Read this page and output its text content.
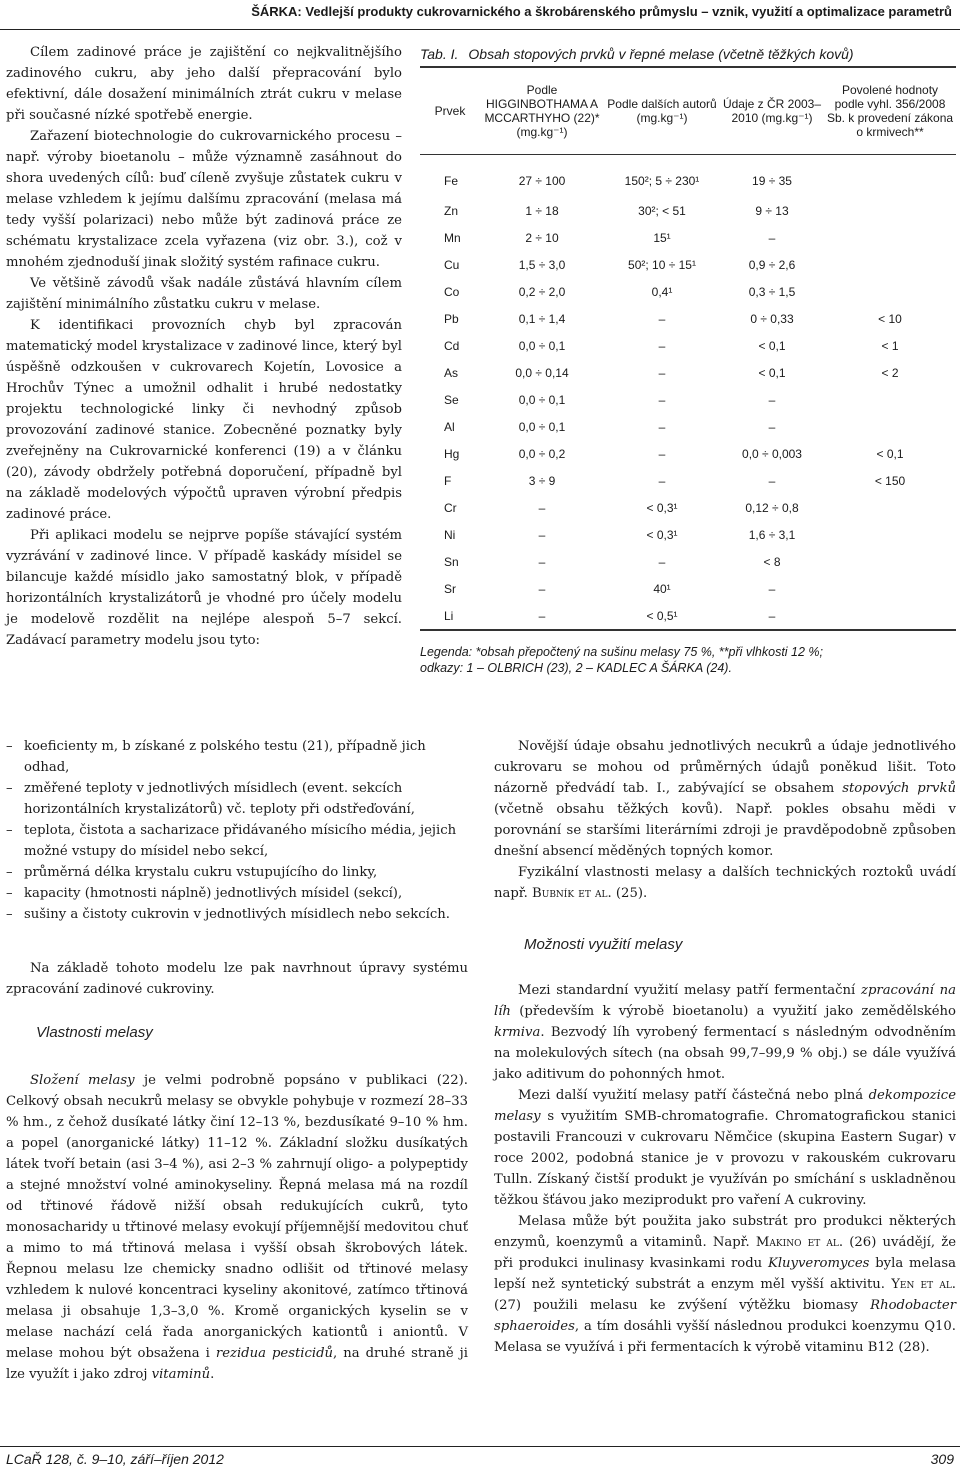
ŠÁRKA: Vedlejší produkty cukrovarnického a škrobárenského průmyslu – vznik, využití a optimalizace parametrů

Cílem zadinové práce je zajištění co nejkvalitnějšího zadinového cukru, aby jeho další přepracování bylo efektivní, dále dosažení minimálních ztrát cukru v melase při současné nízké spotřebě energie.

Zařazení biotechnologie do cukrovarnického procesu – např. výroby bioetanolu – může významně zasáhnout do shora uvedených cílů: buď cíleně zvyšuje zůstatek cukru v melase vzhledem k jejímu dalšímu zpracování (melasa má tedy vyšší polarizaci) nebo může být zadinová práce ze schématu krystalizace zcela vyřazena (viz obr. 3.), což v mnohém zjednoduší jinak složitý systém rafinace cukru.

Ve většině závodů však nadále zůstává hlavním cílem zajištění minimálního zůstatku cukru v melase.

K identifikaci provozních chyb byl zpracován matematický model krystalizace v zadinové lince, který byl úspěšně odzkoušen v cukrovarech Kojetín, Lovosice a Hrochův Týnec a umožnil odhalit i hrubé nedostatky projektu technologické linky či nevhodný způsob provozování zadinové stanice. Zobecněné poznatky byly zveřejněny na Cukrovarnické konferenci (19) a v článku (20), závody obdržely potřebná doporučení, případně byl na základě modelových výpočtů upraven výrobní předpis zadinové práce.

Při aplikaci modelu se nejprve popíše stávající systém vyzrávání v zadinové lince. V případě kaskády mísidel se bilancuje každé mísidlo jako samostatný blok, v případě horizontálních krystalizátorů je vhodné pro účely modelu je modelově rozdělit na nejlépe alespoň 5–7 sekcí. Zadávací parametry modelu jsou tyto:

– koeficienty m, b získané z polského testu (21), případně jich odhad,
– změřené teploty v jednotlivých mísidlech (event. sekcích horizontálních krystalizátorů) vč. teploty při odstřeďování,
– teplota, čistota a sacharizace přidávaného mísicího média, jejich možné vstupy do mísidel nebo sekcí,
– průměrná délka krystalu cukru vstupujícího do linky,
– kapacity (hmotnosti náplně) jednotlivých mísidel (sekcí),
– sušiny a čistoty cukrovin v jednotlivých mísidlech nebo sekcích.

Na základě tohoto modelu lze pak navrhnout úpravy systému zpracování zadinové cukroviny.

Vlastnosti melasy

Složení melasy je velmi podrobně popsáno v publikaci (22). Celkový obsah necukrů melasy se obvykle pohybuje v rozmezí 28–33 % hm., z čehož dusíkaté látky činí 12–13 %, bezdusíkaté 9–10 % hm. a popel (anorganické látky) 11–12 %. Základní složku dusíkatých látek tvoří betain (asi 3–4 %), asi 2–3 % zahrnují oligo- a polypeptidy a stejné množství volné aminokyseliny. Řepná melasa má na rozdíl od třtinové řádově nižší obsah redukujících cukrů, tyto monosacharidy u třtinové melasy evokují příjemnější medovitou chuť a mimo to má třtinová melasa i vyšší obsah škrobových látek. Řepnou melasu lze chemicky snadno odlišit od třtinové melasy vzhledem k nulové koncentraci kyseliny akonitové, zatímco třtinová melasa ji obsahuje 1,3–3,0 %. Kromě organických kyselin se v melase nachází celá řada anorganických kationtů i aniontů. V melase mohou být obsažena i rezidua pesticidů, na druhé straně ji lze využít i jako zdroj vitaminů.

Tab. I. Obsah stopových prvků v řepné melase (včetně těžkých kovů)
Prvek	Podle HIGGINBOTHAMA A MCCARTHYHO (22)* (mg.kg⁻¹)	Podle dalších autorů (mg.kg⁻¹)	Údaje z ČR 2003–2010 (mg.kg⁻¹)	Povolené hodnoty podle vyhl. 356/2008 Sb. k provedení zákona o krmivech**
Fe	27 ÷ 100	150²; 5 ÷ 230¹	19 ÷ 35	
Zn	1 ÷ 18	30²; < 51	9 ÷ 13	
Mn	2 ÷ 10	15¹	–	
Cu	1,5 ÷ 3,0	50²; 10 ÷ 15¹	0,9 ÷ 2,6	
Co	0,2 ÷ 2,0	0,4¹	0,3 ÷ 1,5	
Pb	0,1 ÷ 1,4	–	0 ÷ 0,33	< 10
Cd	0,0 ÷ 0,1	–	< 0,1	< 1
As	0,0 ÷ 0,14	–	< 0,1	< 2
Se	0,0 ÷ 0,1	–	–	
Al	0,0 ÷ 0,1	–	–	
Hg	0,0 ÷ 0,2	–	0,0 ÷ 0,003	< 0,1
F	3 ÷ 9	–	–	< 150
Cr	–	< 0,3¹	0,12 ÷ 0,8	
Ni	–	< 0,3¹	1,6 ÷ 3,1	
Sn	–	–	< 8	
Sr	–	40¹	–	
Li	–	< 0,5¹	–	
Legenda: *obsah přepočtený na sušinu melasy 75 %, **při vlhkosti 12 %;
odkazy: 1 – OLBRICH (23), 2 – KADLEC A ŠÁRKA (24).

Novější údaje obsahu jednotlivých necukrů a údaje jednotlivého cukrovaru se mohou od průměrných údajů poněkud lišit. Toto názorně předvádí tab. I., zabývající se obsahem stopových prvků (včetně obsahu těžkých kovů). Např. pokles obsahu mědi v porovnání se staršími literárními zdroji je pravděpodobně způsoben dnešní absencí měděných topných komor.

Fyzikální vlastnosti melasy a dalších technických roztoků uvádí např. Bubník et al. (25).

Možnosti využití melasy

Mezi standardní využití melasy patří fermentační zpracování na líh (především k výrobě bioetanolu) a využití jako zemědělského krmiva. Bezvodý líh vyrobený fermentací s následným odvodněním na molekulových sítech (na obsah 99,7–99,9 % obj.) se dále využívá jako aditivum do pohonných hmot.

Mezi další využití melasy patří částečná nebo plná dekompozice melasy s využitím SMB-chromatografie. Chromatografickou stanici postavili Francouzi v cukrovaru Němčice (skupina Eastern Sugar) v roce 2002, podobná stanice je v provozu v rakouském cukrovaru Tulln. Získaný čistší produkt je využíván po smíchání s uskladněnou těžkou šťávou jako meziprodukt pro vaření A cukroviny.

Melasa může být použita jako substrát pro produkci některých enzymů, koenzymů a vitaminů. Např. Makino et al. (26) uvádějí, že při produkci inulinasy kvasinkami rodu Kluyveromyces byla melasa lepší než syntetický substrát a enzym měl vyšší aktivitu. Yen et al. (27) použili melasu ke zvýšení výtěžku biomasy Rhodobacter sphaeroides, a tím dosáhli vyšší následnou produkci koenzymu Q10. Melasa se využívá i při fermentacích k výrobě vitaminu B12 (28).

LCaŘ 128, č. 9–10, září–říjen 2012	309
